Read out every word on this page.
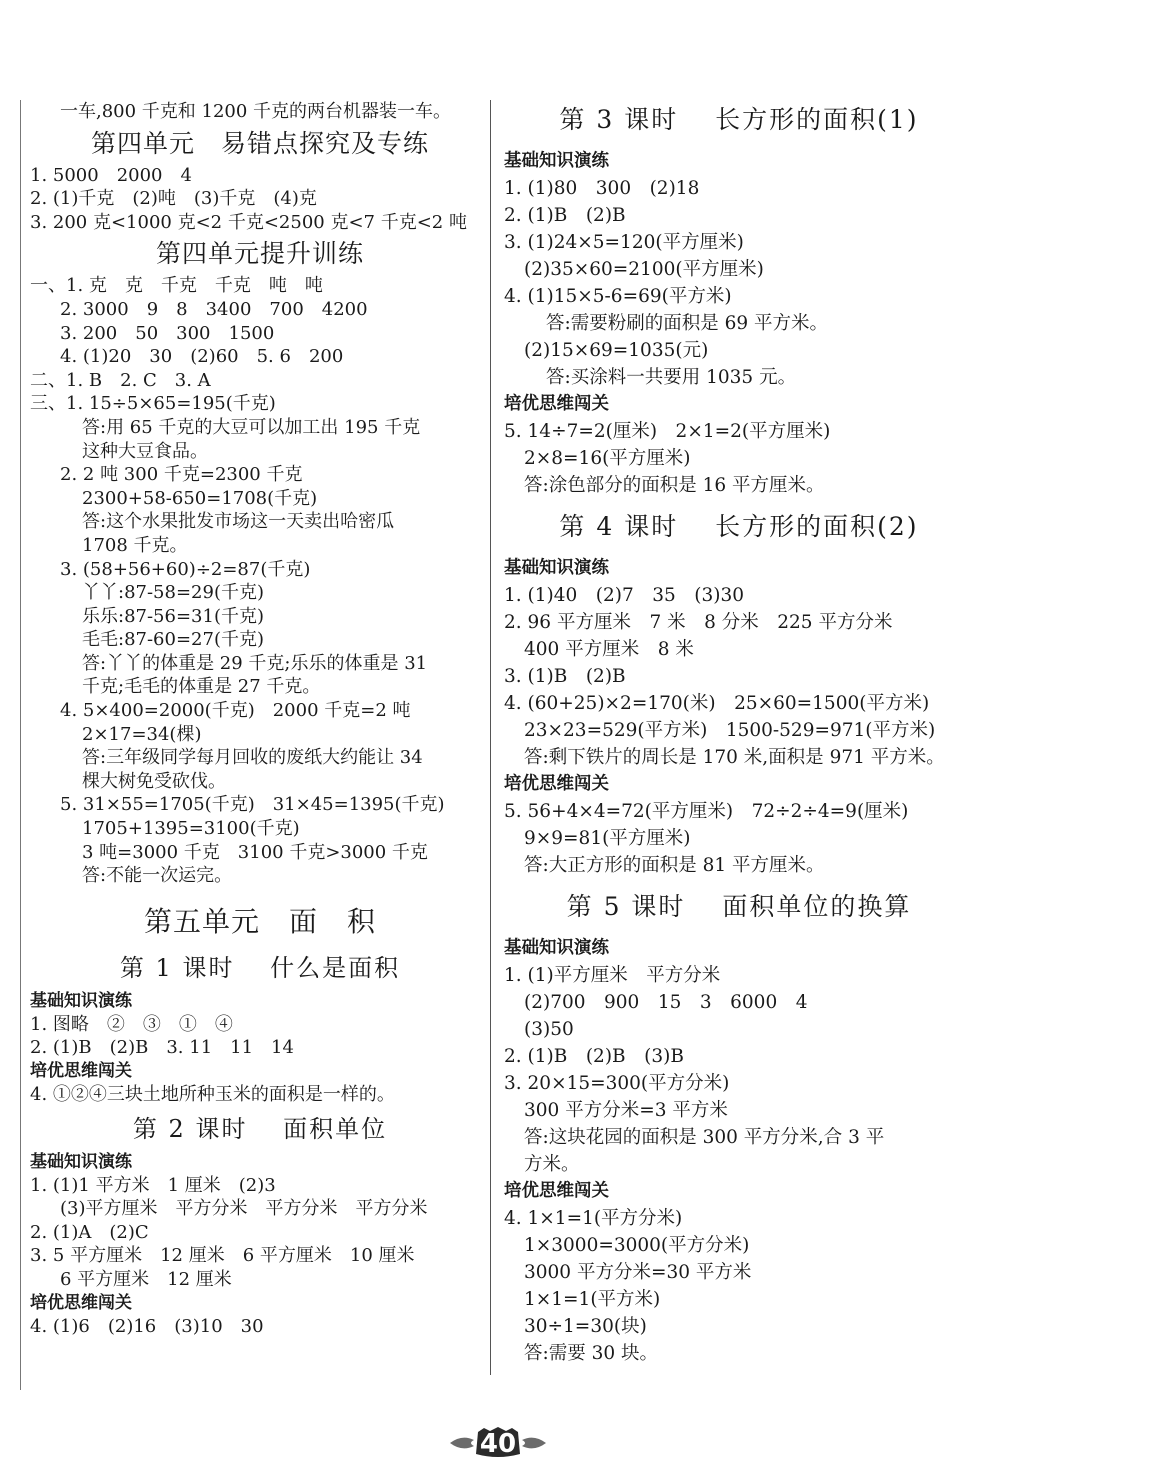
一车,800 千克和 1200 千克的两台机器装一车。
第四单元　易错点探究及专练
1. 5000　2000　4
2. (1)千克　(2)吨　(3)千克　(4)克
3. 200 克<1000 克<2 千克<2500 克<7 千克<2 吨
第四单元提升训练
一、1. 克　克　千克　千克　吨　吨
2. 3000　9　8　3400　700　4200
3. 200　50　300　1500
4. (1)20　30　(2)60　5. 6　200
二、1. B　2. C　3. A
三、1. 15÷5×65=195(千克)
答:用 65 千克的大豆可以加工出 195 千克
这种大豆食品。
2. 2 吨 300 千克=2300 千克
2300+58-650=1708(千克)
答:这个水果批发市场这一天卖出哈密瓜
1708 千克。
3. (58+56+60)÷2=87(千克)
丫丫:87-58=29(千克)
乐乐:87-56=31(千克)
毛毛:87-60=27(千克)
答:丫丫的体重是 29 千克;乐乐的体重是 31
千克;毛毛的体重是 27 千克。
4. 5×400=2000(千克)　2000 千克=2 吨
2×17=34(棵)
答:三年级同学每月回收的废纸大约能让 34
棵大树免受砍伐。
5. 31×55=1705(千克)　31×45=1395(千克)
1705+1395=3100(千克)
3 吨=3000 千克　3100 千克>3000 千克
答:不能一次运完。
第五单元　面　积
第 1 课时　 什么是面积
基础知识演练
1. 图略　②　③　①　④
2. (1)B　(2)B　3. 11　11　14
培优思维闯关
4. ①②④三块土地所种玉米的面积是一样的。
第 2 课时　 面积单位
基础知识演练
1. (1)1 平方米　1 厘米　(2)3
(3)平方厘米　平方分米　平方分米　平方分米
2. (1)A　(2)C
3. 5 平方厘米　12 厘米　6 平方厘米　10 厘米
6 平方厘米　12 厘米
培优思维闯关
4. (1)6　(2)16　(3)10　30
第 3 课时　 长方形的面积(1)
基础知识演练
1. (1)80　300　(2)18
2. (1)B　(2)B
3. (1)24×5=120(平方厘米)
(2)35×60=2100(平方厘米)
4. (1)15×5-6=69(平方米)
答:需要粉刷的面积是 69 平方米。
(2)15×69=1035(元)
答:买涂料一共要用 1035 元。
培优思维闯关
5. 14÷7=2(厘米)　2×1=2(平方厘米)
2×8=16(平方厘米)
答:涂色部分的面积是 16 平方厘米。
第 4 课时　 长方形的面积(2)
基础知识演练
1. (1)40　(2)7　35　(3)30
2. 96 平方厘米　7 米　8 分米　225 平方分米
400 平方厘米　8 米
3. (1)B　(2)B
4. (60+25)×2=170(米)　25×60=1500(平方米)
23×23=529(平方米)　1500-529=971(平方米)
答:剩下铁片的周长是 170 米,面积是 971 平方米。
培优思维闯关
5. 56+4×4=72(平方厘米)　72÷2÷4=9(厘米)
9×9=81(平方厘米)
答:大正方形的面积是 81 平方厘米。
第 5 课时　 面积单位的换算
基础知识演练
1. (1)平方厘米　平方分米
(2)700　900　15　3　6000　4
(3)50
2. (1)B　(2)B　(3)B
3. 20×15=300(平方分米)
300 平方分米=3 平方米
答:这块花园的面积是 300 平方分米,合 3 平
方米。
培优思维闯关
4. 1×1=1(平方分米)
1×3000=3000(平方分米)
3000 平方分米=30 平方米
1×1=1(平方米)
30÷1=30(块)
答:需要 30 块。
40
